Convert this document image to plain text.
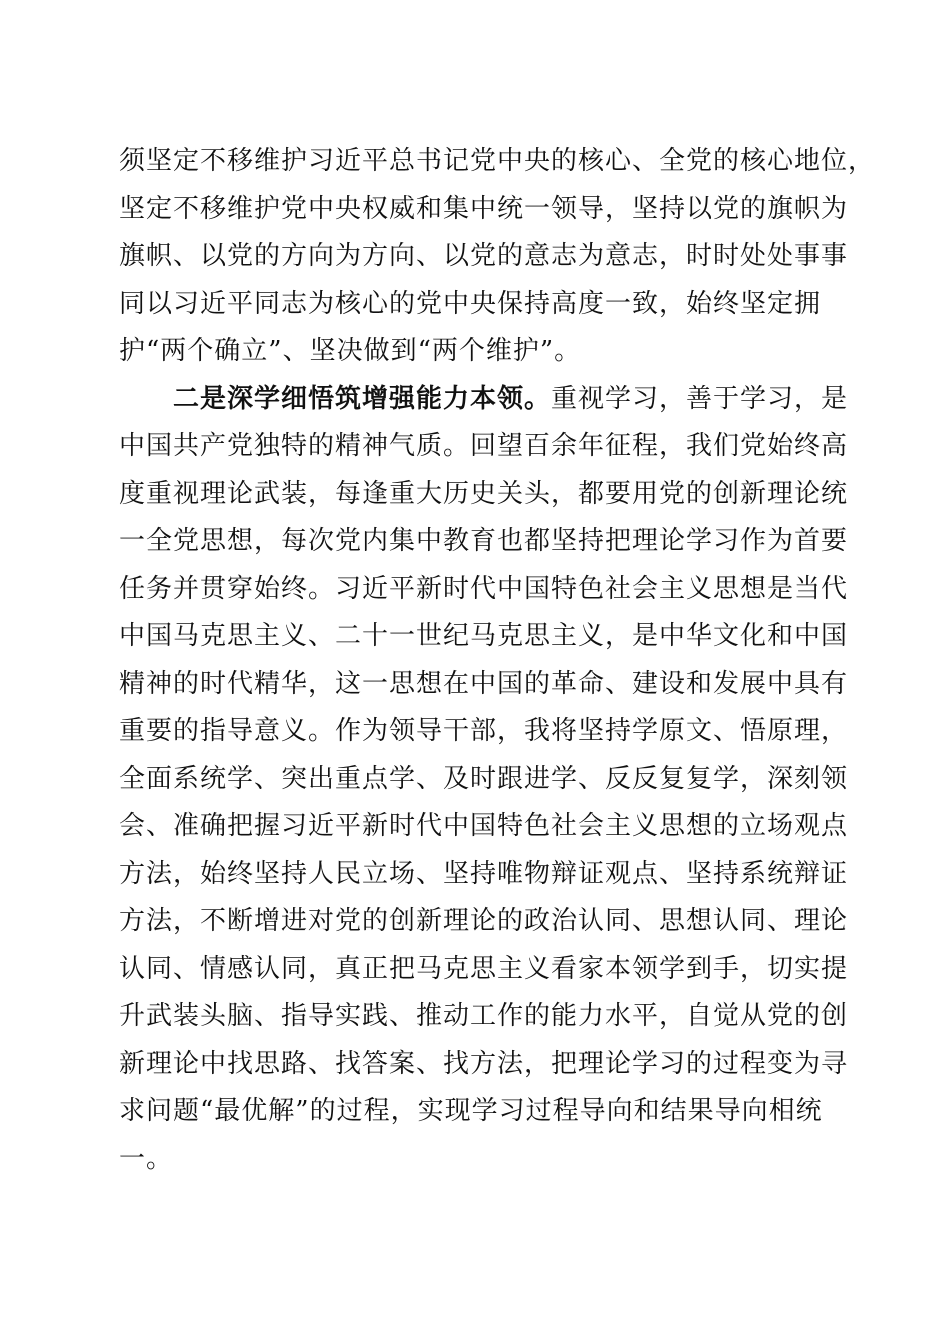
须坚定不移维护习近平总书记党中央的核心、全党的核心地位，
坚定不移维护党中央权威和集中统一领导，坚持以党的旗帜为
旗帜、以党的方向为方向、以党的意志为意志，时时处处事事
同以习近平同志为核心的党中央保持高度一致，始终坚定拥
护“两个确立”、坚决做到“两个维护”。
二是深学细悟筑增强能力本领。重视学习，善于学习，是
中国共产党独特的精神气质。回望百余年征程，我们党始终高
度重视理论武装，每逢重大历史关头，都要用党的创新理论统
一全党思想，每次党内集中教育也都坚持把理论学习作为首要
任务并贯穿始终。习近平新时代中国特色社会主义思想是当代
中国马克思主义、二十一世纪马克思主义，是中华文化和中国
精神的时代精华，这一思想在中国的革命、建设和发展中具有
重要的指导意义。作为领导干部，我将坚持学原文、悟原理，
全面系统学、突出重点学、及时跟进学、反反复复学，深刻领
会、准确把握习近平新时代中国特色社会主义思想的立场观点
方法，始终坚持人民立场、坚持唯物辩证观点、坚持系统辩证
方法，不断增进对党的创新理论的政治认同、思想认同、理论
认同、情感认同，真正把马克思主义看家本领学到手，切实提
升武装头脑、指导实践、推动工作的能力水平，自觉从党的创
新理论中找思路、找答案、找方法，把理论学习的过程变为寻
求问题“最优解”的过程，实现学习过程导向和结果导向相统
一。
